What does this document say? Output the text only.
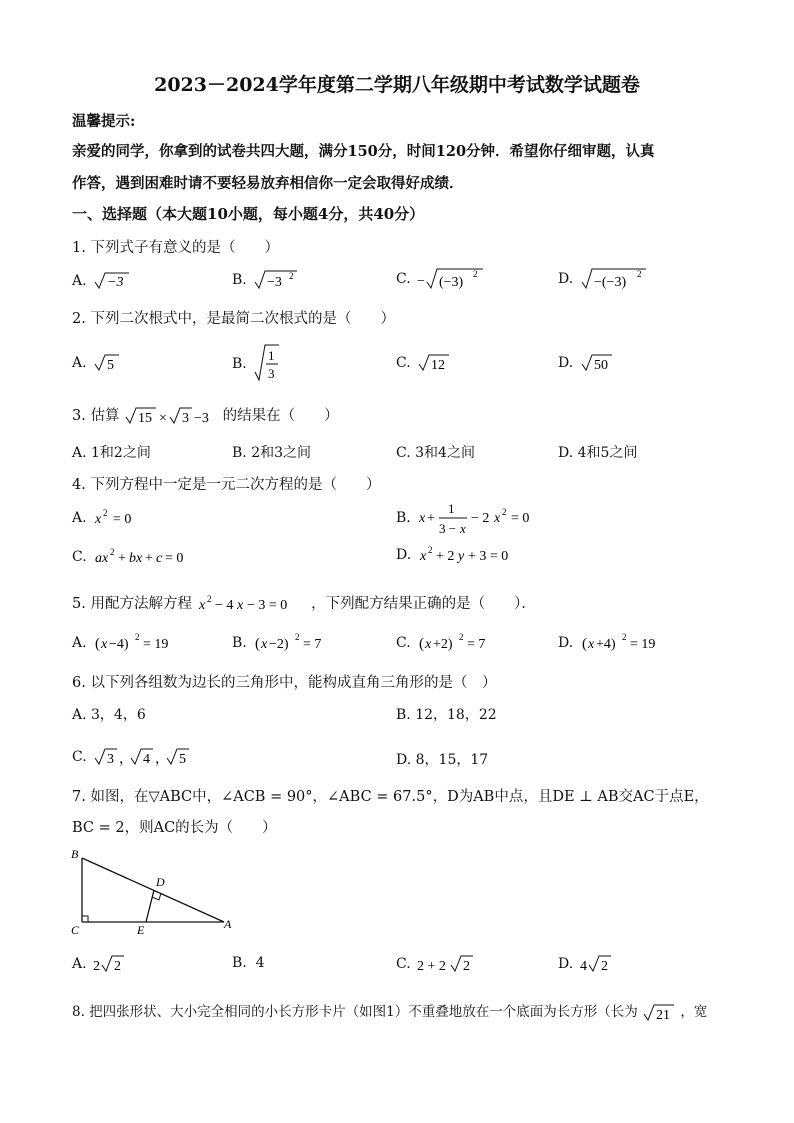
2023－2024学年度第二学期八年级期中考试数学试题卷
温馨提示:
亲爱的同学，你拿到的试卷共四大题，满分150分，时间120分钟．希望你仔细审题，认真
作答，遇到困难时请不要轻易放弃相信你一定会取得好成绩．
一、选择题（本大题10小题，每小题4分，共40分）
1. 下列式子有意义的是（　　）
A. −3	B. −3 2	C. − (−3)
2	D. −(−3)
2
2. 下列二次根式中，是最简二次根式的是（　　）
A. 5	B.
1
3
C. 12	D. 50
3. 估算 15 × 3 −3 的结果在（　　）
A. 1和2之间	B. 2和3之间	C. 3和4之间	D. 4和5之间
4. 下列方程中一定是一元二次方程的是（　　）
A. x 2 = 0	B. x +
1
3 − x
− 2 x 2 = 0
C. ax 2 + bx + c = 0	D. x 2 + 2 y + 3 = 0
5. 用配方法解方程 x 2 − 4 x − 3 = 0 ，下列配方结果正确的是（　　）．
A. ( x −4) 2 = 19	B. ( x −2) 2 = 7	C. ( x +2) 2 = 7	D. ( x +4) 2 = 19
6. 以下列各组数为边长的三角形中，能构成直角三角形的是（　）
A. 3，4，6	B. 12，18，22
C. 3 ， 4 ， 5	D. 8，15，17
7. 如图，在▽ABC中，∠ACB = 90°，∠ABC = 67.5°，D为AB中点，且DE ⊥ AB交AC于点E，
BC = 2，则AC的长为（　　）
B
D
C	E	A
A. 2 2	B. 4	C. 2 + 2 2	D. 4 2
8. 把四张形状、大小完全相同的小长方形卡片（如图1）不重叠地放在一个底面为长方形（长为 21 ，宽
